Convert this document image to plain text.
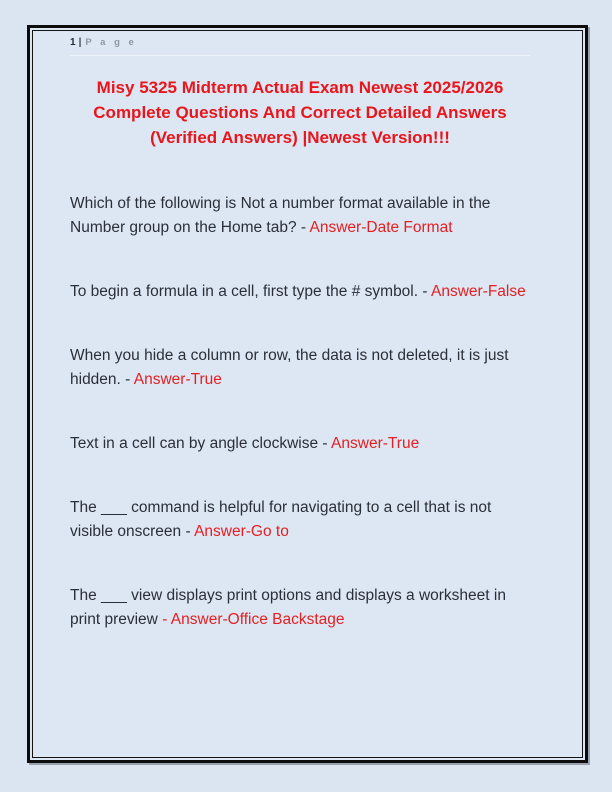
1 | P a g e
Misy 5325 Midterm Actual Exam Newest 2025/2026
Complete Questions And Correct Detailed Answers
(Verified Answers) |Newest Version!!!

Which of the following is Not a number format available in the Number group on the Home tab? - Answer-Date Format

To begin a formula in a cell, first type the # symbol. - Answer-False

When you hide a column or row, the data is not deleted, it is just hidden. - Answer-True

Text in a cell can by angle clockwise - Answer-True

The ___ command is helpful for navigating to a cell that is not visible onscreen - Answer-Go to

The ___ view displays print options and displays a worksheet in print preview - Answer-Office Backstage
